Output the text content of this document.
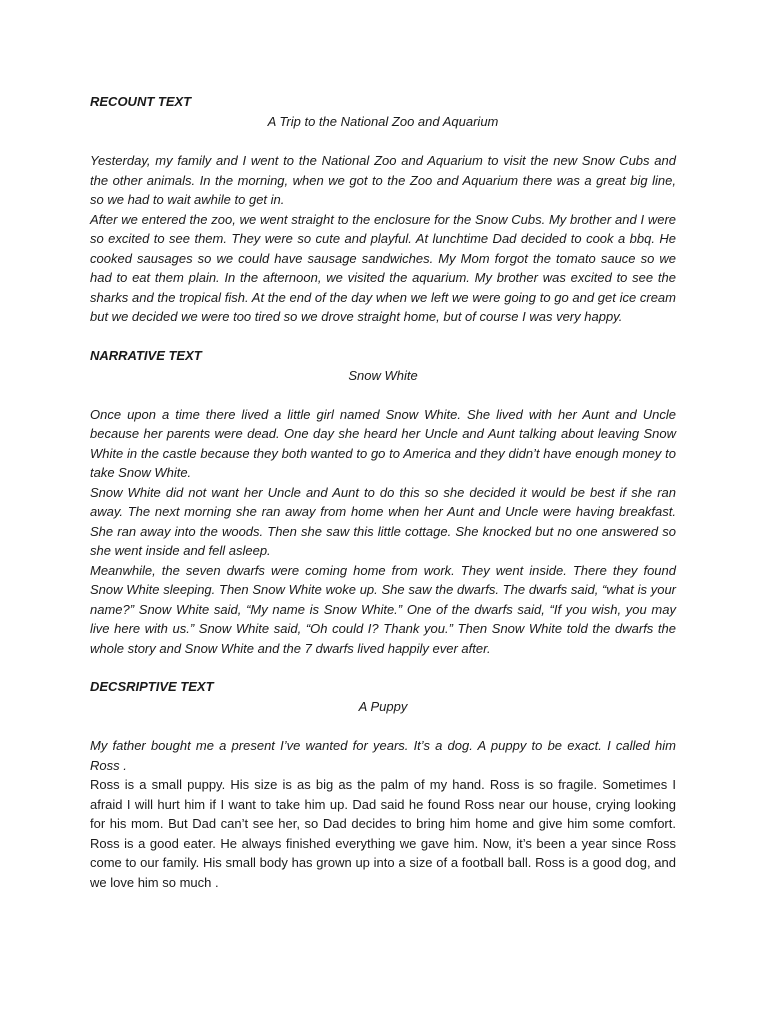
RECOUNT TEXT

A Trip to the National Zoo and Aquarium

Yesterday, my family and I went to the National Zoo and Aquarium to visit the new Snow Cubs and the other animals. In the morning, when we got to the Zoo and Aquarium there was a great big line, so we had to wait awhile to get in.

After we entered the zoo, we went straight to the enclosure for the Snow Cubs. My brother and I were so excited to see them. They were so cute and playful. At lunchtime Dad decided to cook a bbq. He cooked sausages so we could have sausage sandwiches. My Mom forgot the tomato sauce so we had to eat them plain. In the afternoon, we visited the aquarium. My brother was excited to see the sharks and the tropical fish. At the end of the day when we left we were going to go and get ice cream but we decided we were too tired so we drove straight home, but of course I was very happy.

NARRATIVE TEXT

Snow White

Once upon a time there lived a little girl named Snow White. She lived with her Aunt and Uncle because her parents were dead. One day she heard her Uncle and Aunt talking about leaving Snow White in the castle because they both wanted to go to America and they didn’t have enough money to take Snow White.

Snow White did not want her Uncle and Aunt to do this so she decided it would be best if she ran away. The next morning she ran away from home when her Aunt and Uncle were having breakfast. She ran away into the woods. Then she saw this little cottage. She knocked but no one answered so she went inside and fell asleep.

Meanwhile, the seven dwarfs were coming home from work. They went inside. There they found Snow White sleeping. Then Snow White woke up. She saw the dwarfs. The dwarfs said, “what is your name?” Snow White said, “My name is Snow White.” One of the dwarfs said, “If you wish, you may live here with us.” Snow White said, “Oh could I? Thank you.” Then Snow White told the dwarfs the whole story and Snow White and the 7 dwarfs lived happily ever after.

DECSRIPTIVE TEXT

A Puppy

My father bought me a present I’ve wanted for years. It’s a dog. A puppy to be exact. I called him Ross .

Ross is a small puppy. His size is as big as the palm of my hand. Ross is so fragile. Sometimes I afraid I will hurt him if I want to take him up. Dad said he found Ross near our house, crying looking for his mom. But Dad can’t see her, so Dad decides to bring him home and give him some comfort. Ross is a good eater. He always finished everything we gave him. Now, it’s been a year since Ross come to our family. His small body has grown up into a size of a football ball. Ross is a good dog, and we love him so much .
